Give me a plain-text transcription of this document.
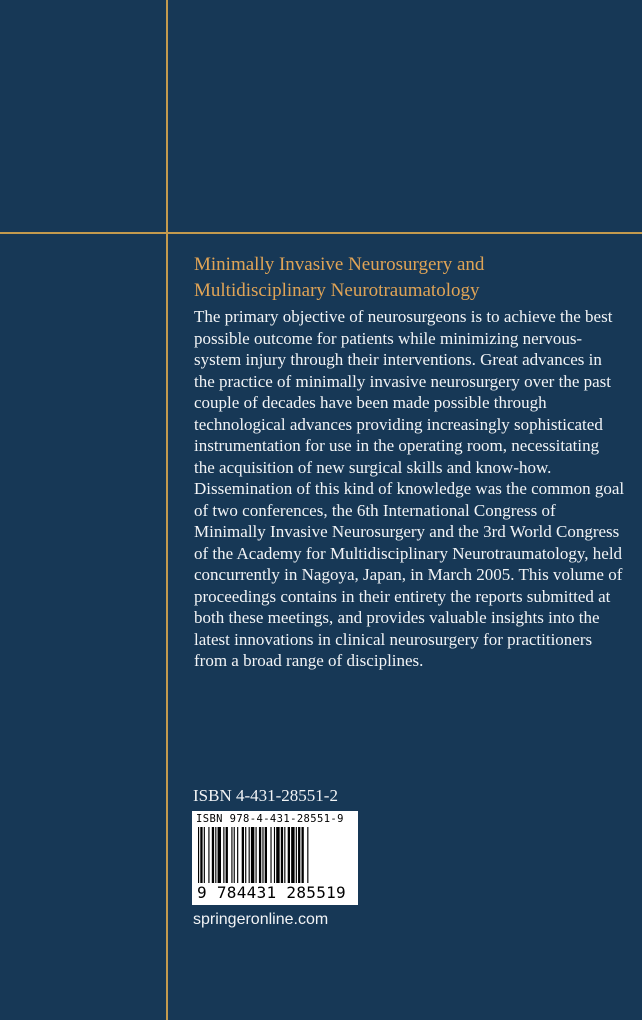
Minimally Invasive Neurosurgery and
Multidisciplinary Neurotraumatology
The primary objective of neurosurgeons is to achieve the best
possible outcome for patients while minimizing nervous-
system injury through their interventions. Great advances in
the practice of minimally invasive neurosurgery over the past
couple of decades have been made possible through
technological advances providing increasingly sophisticated
instrumentation for use in the operating room, necessitating
the acquisition of new surgical skills and know-how.
Dissemination of this kind of knowledge was the common goal
of two conferences, the 6th International Congress of
Minimally Invasive Neurosurgery and the 3rd World Congress
of the Academy for Multidisciplinary Neurotraumatology, held
concurrently in Nagoya, Japan, in March 2005. This volume of
proceedings contains in their entirety the reports submitted at
both these meetings, and provides valuable insights into the
latest innovations in clinical neurosurgery for practitioners
from a broad range of disciplines.
ISBN 4-431-28551-2
ISBN 978-4-431-28551-9
9 784431 285519
springeronline.com
